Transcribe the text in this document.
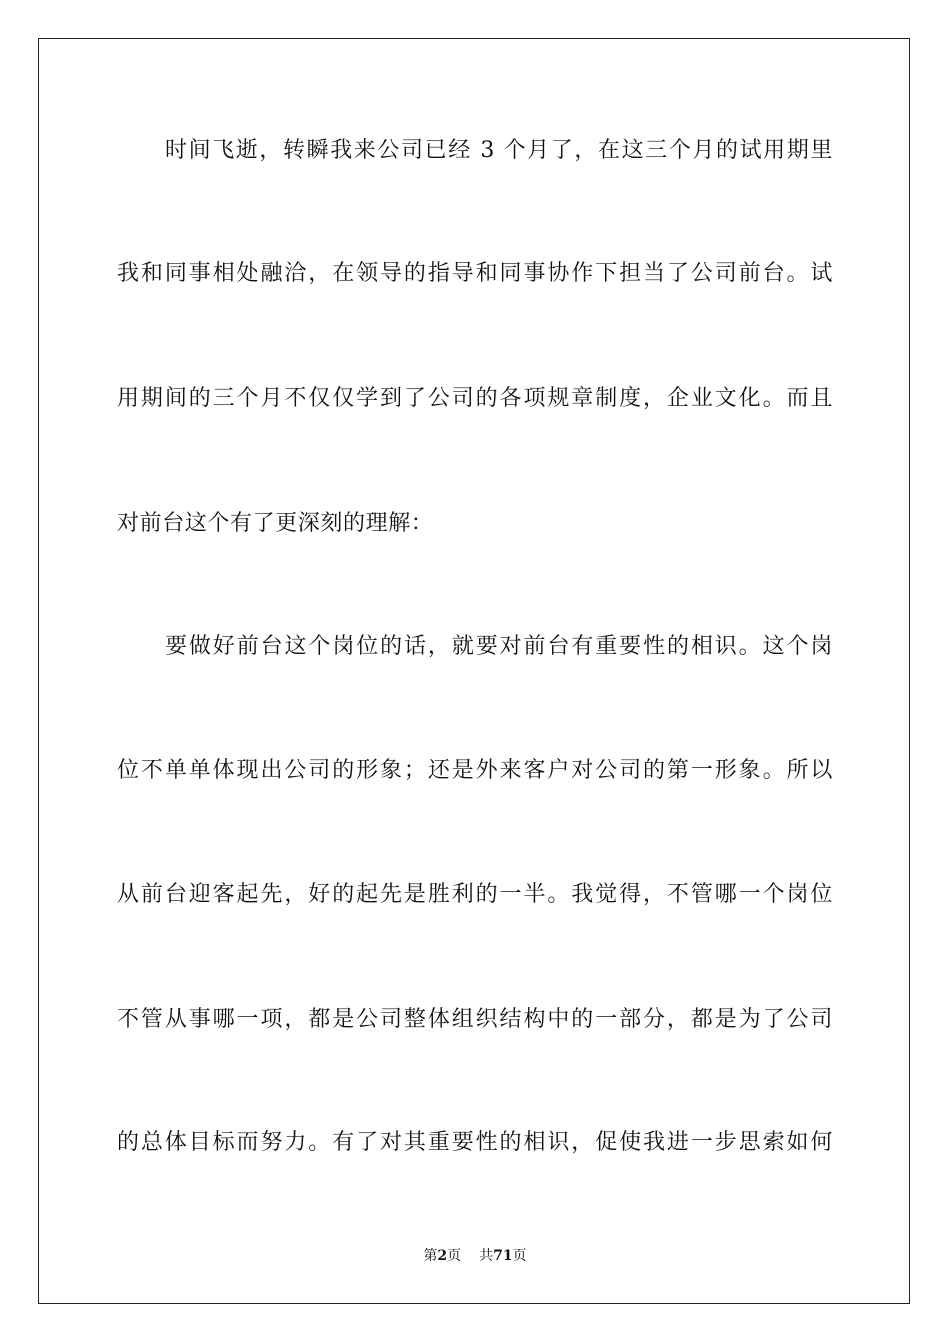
时间飞逝，转瞬我来公司已经 3 个月了，在这三个月的试用期里
我和同事相处融洽，在领导的指导和同事协作下担当了公司前台。试
用期间的三个月不仅仅学到了公司的各项规章制度，企业文化。而且
对前台这个有了更深刻的理解：
要做好前台这个岗位的话，就要对前台有重要性的相识。这个岗
位不单单体现出公司的形象；还是外来客户对公司的第一形象。所以
从前台迎客起先，好的起先是胜利的一半。我觉得，不管哪一个岗位
不管从事哪一项，都是公司整体组织结构中的一部分，都是为了公司
的总体目标而努力。有了对其重要性的相识，促使我进一步思索如何
第2页 共71页
